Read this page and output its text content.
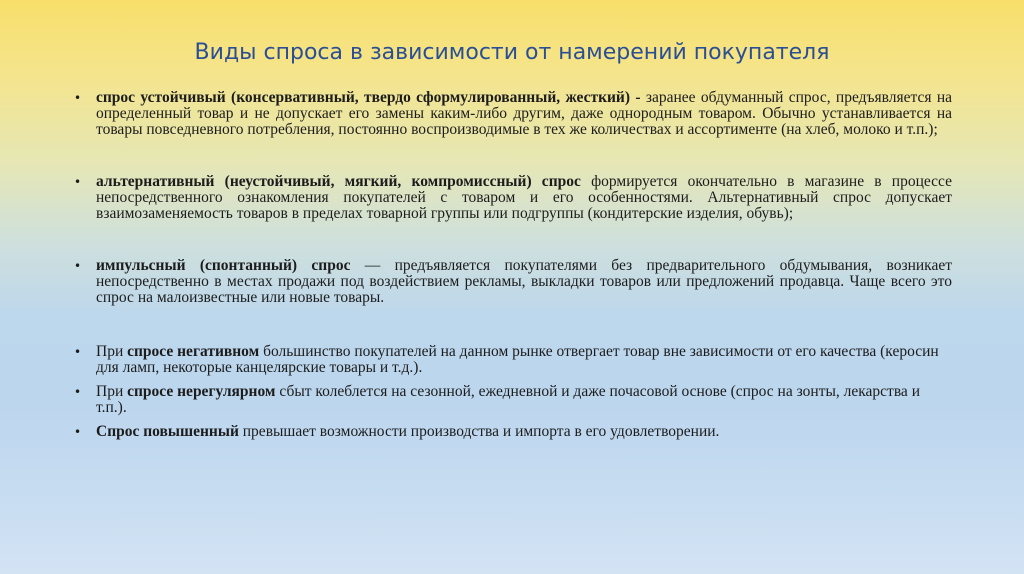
Виды спроса в зависимости от намерений покупателя
• спрос устойчивый (консервативный, твердо сформулированный, жесткий) - заранее обдуманный спрос, предъявляется на определенный товар и не допускает его замены каким-либо другим, даже однородным товаром. Обычно устанавливается на товары повседневного потребления, постоянно воспроизводимые в тех же количествах и ассортименте (на хлеб, молоко и т.п.);
• альтернативный (неустойчивый, мягкий, компромиссный) спрос формируется окончательно в магазине в процессе непосредственного ознакомления покупателей с товаром и его особенностями. Альтернативный спрос допускает взаимозаменяемость товаров в пределах товарной группы или подгруппы (кондитерские изделия, обувь);
• импульсный (спонтанный) спрос — предъявляется покупателями без предварительного обдумывания, возникает непосредственно в местах продажи под воздействием рекламы, выкладки товаров или предложений продавца. Чаще всего это спрос на малоизвестные или новые товары.
• При спросе негативном большинство покупателей на данном рынке отвергает товар вне зависимости от его качества (керосин для ламп, некоторые канцелярские товары и т.д.).
• При спросе нерегулярном сбыт колеблется на сезонной, ежедневной и даже почасовой основе (спрос на зонты, лекарства и т.п.).
• Спрос повышенный превышает возможности производства и импорта в его удовлетворении.
